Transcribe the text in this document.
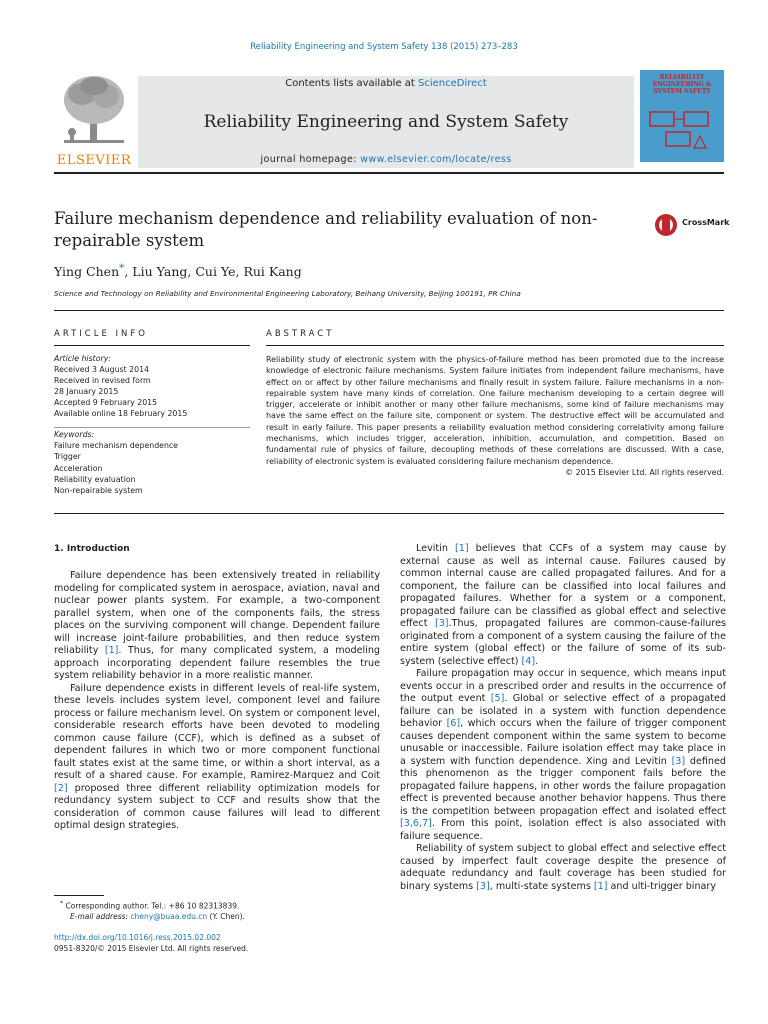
Reliability Engineering and System Safety 138 (2015) 273–283
ELSEVIER
Contents lists available at ScienceDirect
Reliability Engineering and System Safety
journal homepage: www.elsevier.com/locate/ress
RELIABILITY ENGINEERING & SYSTEM SAFETY
Failure mechanism dependence and reliability evaluation of non-repairable system
CrossMark
Ying Chen*, Liu Yang, Cui Ye, Rui Kang
Science and Technology on Reliability and Environmental Engineering Laboratory, Beihang University, Beijing 100191, PR China
ARTICLE INFO	ABSTRACT
Article history:
Received 3 August 2014
Received in revised form
28 January 2015
Accepted 9 February 2015
Available online 18 February 2015
Keywords:
Failure mechanism dependence
Trigger
Acceleration
Reliability evaluation
Non-repairable system

Reliability study of electronic system with the physics-of-failure method has been promoted due to the increase knowledge of electronic failure mechanisms. System failure initiates from independent failure mechanisms, have effect on or affect by other failure mechanisms and finally result in system failure. Failure mechanisms in a non-repairable system have many kinds of correlation. One failure mechanism developing to a certain degree will trigger, accelerate or inhibit another or many other failure mechanisms, some kind of failure mechanisms may have the same effect on the failure site, component or system. The destructive effect will be accumulated and result in early failure. This paper presents a reliability evaluation method considering correlativity among failure mechanisms, which includes trigger, acceleration, inhibition, accumulation, and competition. Based on fundamental rule of physics of failure, decoupling methods of these correlations are discussed. With a case, reliability of electronic system is evaluated considering failure mechanism dependence.

© 2015 Elsevier Ltd. All rights reserved.

1. Introduction

Failure dependence has been extensively treated in reliability modeling for complicated system in aerospace, aviation, naval and nuclear power plants system. For example, a two-component parallel system, when one of the components fails, the stress places on the surviving component will change. Dependent failure will increase joint-failure probabilities, and then reduce system reliability [1]. Thus, for many complicated system, a modeling approach incorporating dependent failure resembles the true system reliability behavior in a more realistic manner.

Failure dependence exists in different levels of real-life system, these levels includes system level, component level and failure process or failure mechanism level. On system or component level, considerable research efforts have been devoted to modeling common cause failure (CCF), which is defined as a subset of dependent failures in which two or more component functional fault states exist at the same time, or within a short interval, as a result of a shared cause. For example, Ramirez-Marquez and Coit [2] proposed three different reliability optimization models for redundancy system subject to CCF and results show that the consideration of common cause failures will lead to different optimal design strategies.

Levitin [1] believes that CCFs of a system may cause by external cause as well as internal cause. Failures caused by common internal cause are called propagated failures. And for a component, the failure can be classified into local failures and propagated failures. Whether for a system or a component, propagated failure can be classified as global effect and selective effect [3].Thus, propagated failures are common-cause-failures originated from a component of a system causing the failure of the entire system (global effect) or the failure of some of its sub-system (selective effect) [4].

Failure propagation may occur in sequence, which means input events occur in a prescribed order and results in the occurrence of the output event [5]. Global or selective effect of a propagated failure can be isolated in a system with function dependence behavior [6], which occurs when the failure of trigger component causes dependent component within the same system to become unusable or inaccessible. Failure isolation effect may take place in a system with function dependence. Xing and Levitin [3] defined this phenomenon as the trigger component fails before the propagated failure happens, in other words the failure propagation effect is prevented because another behavior happens. Thus there is the competition between propagation effect and isolated effect [3,6,7]. From this point, isolation effect is also associated with failure sequence.

Reliability of system subject to global effect and selective effect caused by imperfect fault coverage despite the presence of adequate redundancy and fault coverage has been studied for binary systems [3], multi-state systems [1] and ulti-trigger binary

* Corresponding author. Tel.: +86 10 82313839.
E-mail address: cheny@buaa.edu.cn (Y. Chen).
http://dx.doi.org/10.1016/j.ress.2015.02.002
0951-8320/© 2015 Elsevier Ltd. All rights reserved.
